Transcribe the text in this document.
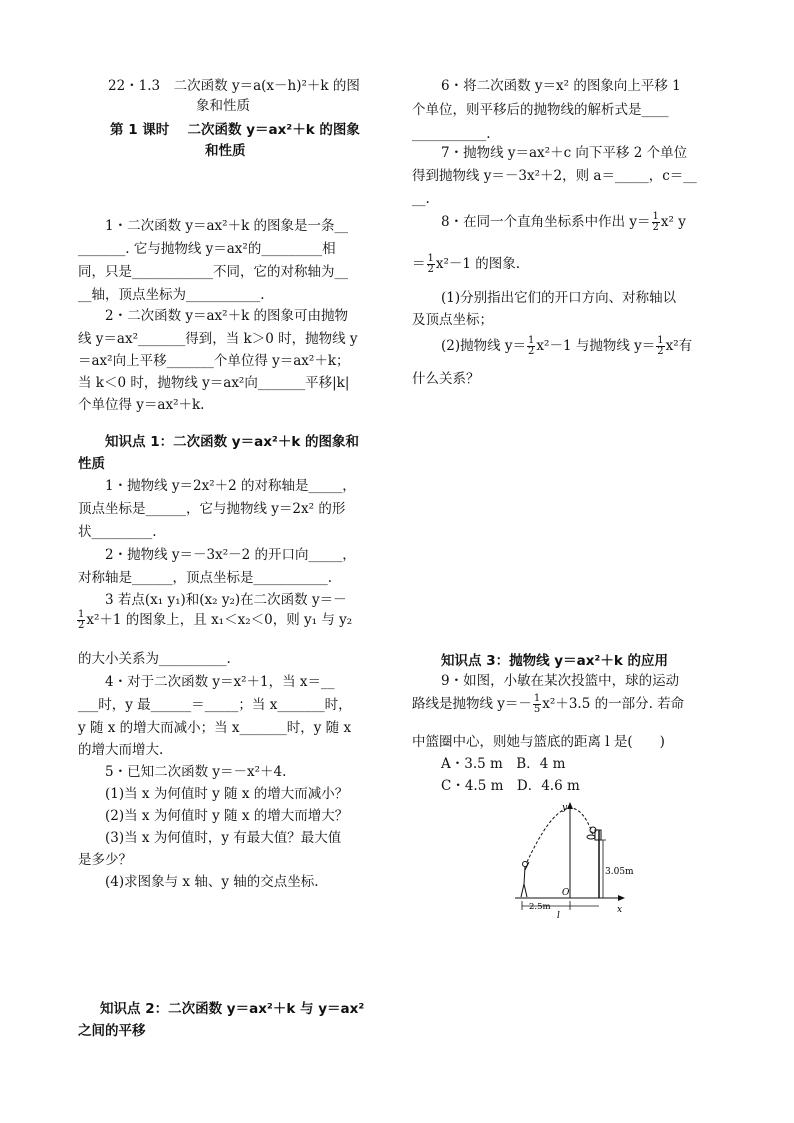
22・1.3　二次函数 y＝a(x－h)²＋k 的图
象和性质
第 1 课时　 二次函数 y＝ax²＋k 的图象
和性质
1・二次函数 y＝ax²＋k 的图象是一条__
_______. 它与抛物线 y＝ax²的_________相
同，只是____________不同，它的对称轴为__
__轴，顶点坐标为___________.
2・二次函数 y＝ax²＋k 的图象可由抛物
线 y＝ax²_______得到，当 k＞0 时，抛物线 y
＝ax²向上平移_______个单位得 y＝ax²＋k；
当 k＜0 时，抛物线 y＝ax²向_______平移|k|
个单位得 y＝ax²＋k.
知识点 1：二次函数 y＝ax²＋k 的图象和
性质
1・抛物线 y＝2x²＋2 的对称轴是_____，
顶点坐标是______，它与抛物线 y＝2x² 的形
状_________.
2・抛物线 y＝－3x²－2 的开口向_____，
对称轴是______，顶点坐标是___________.
3 若点(x₁ y₁)和(x₂ y₂)在二次函数 y＝－
$\frac{1}{2} x^2+1$ 的图象上，且 x₁＜x₂＜0，则 y₁ 与 y₂
的大小关系为__________.
4・对于二次函数 y＝x²＋1，当 x＝__
___时，y 最______＝_____；当 x_______时，
y 随 x 的增大而减小；当 x_______时，y 随 x
的增大而增大.
5・已知二次函数 y＝－x²＋4.
(1)当 x 为何值时 y 随 x 的增大而减小？
(2)当 x 为何值时 y 随 x 的增大而增大？
(3)当 x 为何值时，y 有最大值？最大值
是多少？
(4)求图象与 x 轴、y 轴的交点坐标.
知识点 2：二次函数 y＝ax²＋k 与 y＝ax²
之间的平移
6・将二次函数 y＝x² 的图象向上平移 1
个单位，则平移后的抛物线的解析式是____
___________.
7・抛物线 y＝ax²＋c 向下平移 2 个单位
得到抛物线 y＝－3x²＋2，则 a＝_____，c＝__
__.
8・在同一个直角坐标系中作出 $y= \frac{1}{2} x^2$ y
＝ $\frac{1}{2} x^2-1$ 的图象.
(1)分别指出它们的开口方向、对称轴以
及顶点坐标；
(2)抛物线 $y= \frac{1}{2} x^2-1$ 与抛物线 $y= \frac{1}{2} x^2$有
什么关系？
知识点 3：抛物线 y＝ax²＋k 的应用
9・如图，小敏在某次投篮中，球的运动
路线是抛物线 $y=- \frac{1}{5} x^2+3.5$ 的一部分. 若命
中篮圈中心，则她与篮底的距离 l 是(　　)
A・3.5 m　B．4 m
C・4.5 m　D．4.6 m
3.05m
2.5m
l
y
x
O
